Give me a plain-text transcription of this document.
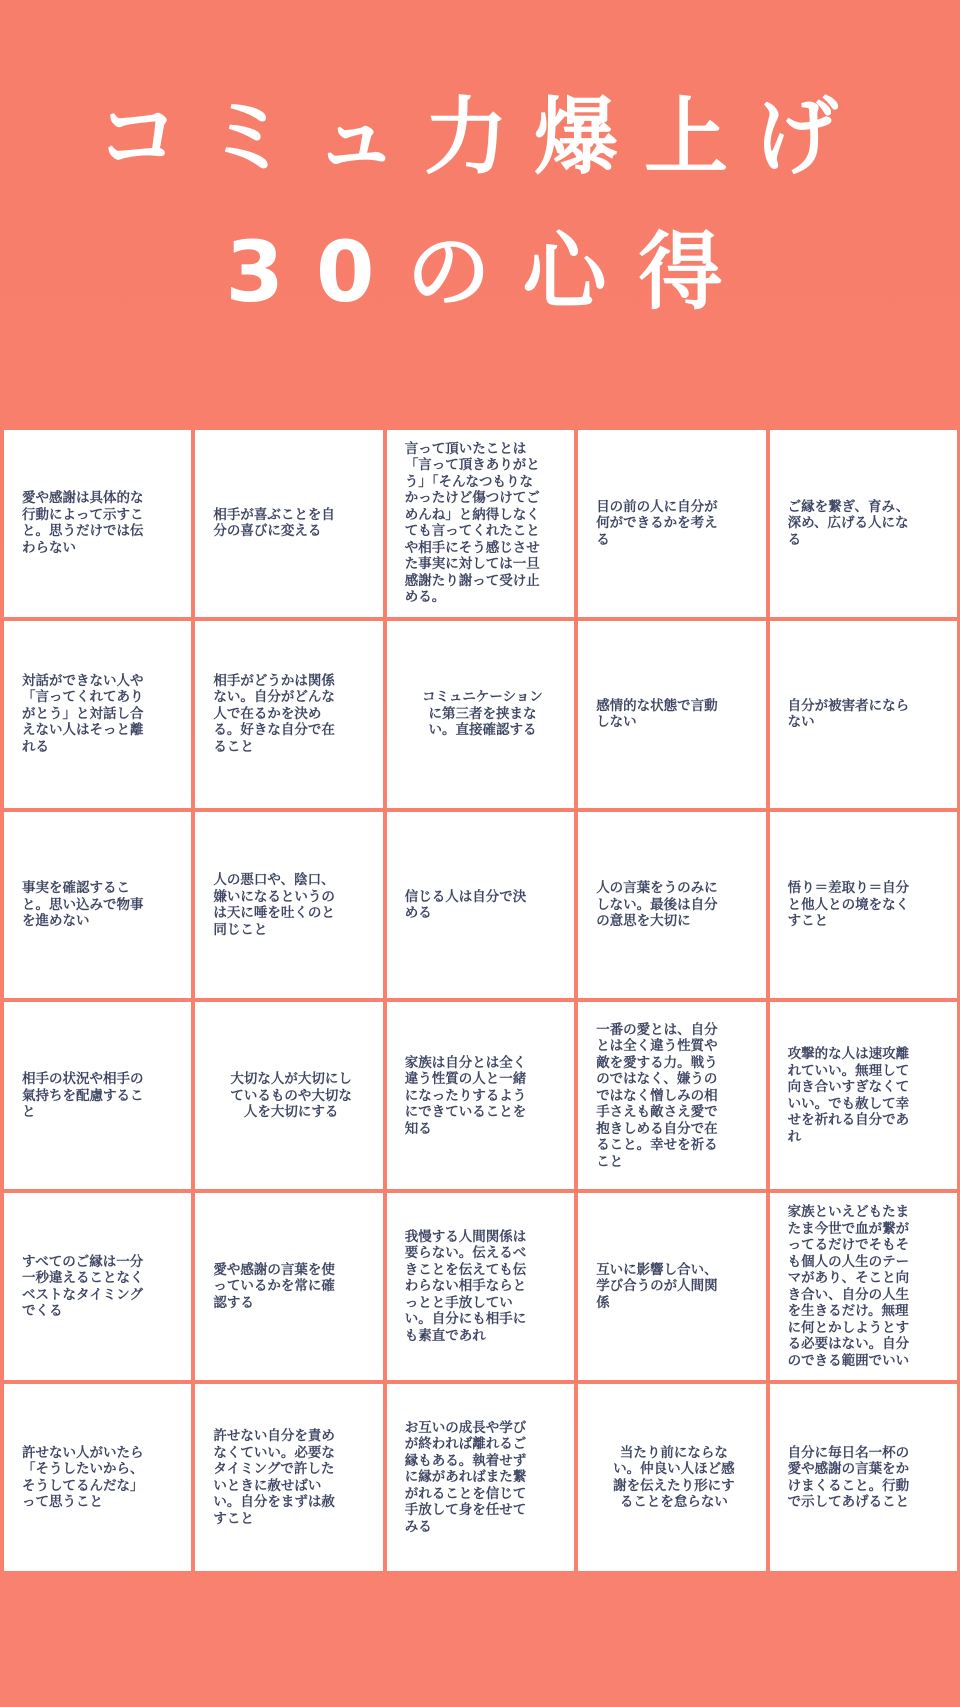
コミュ力爆上げ
30の心得
愛や感謝は具体的な
行動によって示すこ
と。思うだけでは伝
わらない
相手が喜ぶことを自
分の喜びに変える
言って頂いたことは
「言って頂きありがと
う」「そんなつもりな
かったけど傷つけてご
めんね」と納得しなく
ても言ってくれたこと
や相手にそう感じさせ
た事実に対しては一旦
感謝たり謝って受け止
める。
目の前の人に自分が
何ができるかを考え
る
ご縁を繋ぎ、育み、
深め、広げる人にな
る
対話ができない人や
「言ってくれてあり
がとう」と対話し合
えない人はそっと離
れる
相手がどうかは関係
ない。自分がどんな
人で在るかを決め
る。好きな自分で在
ること
コミュニケーション
に第三者を挟まな
い。直接確認する
感情的な状態で言動
しない
自分が被害者になら
ない
事実を確認するこ
と。思い込みで物事
を進めない
人の悪口や、陰口、
嫌いになるというの
は天に唾を吐くのと
同じこと
信じる人は自分で決
める
人の言葉をうのみに
しない。最後は自分
の意思を大切に
悟り＝差取り＝自分
と他人との境をなく
すこと
相手の状況や相手の
氣持ちを配慮するこ
と
大切な人が大切にし
ているものや大切な
人を大切にする
家族は自分とは全く
違う性質の人と一緒
になったりするよう
にできていることを
知る
一番の愛とは、自分
とは全く違う性質や
敵を愛する力。戦う
のではなく、嫌うの
ではなく憎しみの相
手さえも敵さえ愛で
抱きしめる自分で在
ること。幸せを祈る
こと
攻撃的な人は速攻離
れていい。無理して
向き合いすぎなくて
いい。でも赦して幸
せを祈れる自分であ
れ
すべてのご縁は一分
一秒違えることなく
ベストなタイミング
でくる
愛や感謝の言葉を使
っているかを常に確
認する
我慢する人間関係は
要らない。伝えるべ
きことを伝えても伝
わらない相手ならと
っとと手放してい
い。自分にも相手に
も素直であれ
互いに影響し合い、
学び合うのが人間関
係
家族といえどもたま
たま今世で血が繋が
ってるだけでそもそ
も個人の人生のテー
マがあり、そこと向
き合い、自分の人生
を生きるだけ。無理
に何とかしようとす
る必要はない。自分
のできる範囲でいい
許せない人がいたら
「そうしたいから、
そうしてるんだな」
って思うこと
許せない自分を責め
なくていい。必要な
タイミングで許した
いときに赦せばい
い。自分をまずは赦
すこと
お互いの成長や学び
が終われば離れるご
縁もある。執着せず
に縁があればまた繋
がれることを信じて
手放して身を任せて
みる
当たり前にならな
い。仲良い人ほど感
謝を伝えたり形にす
ることを怠らない
自分に毎日名一杯の
愛や感謝の言葉をか
けまくること。行動
で示してあげること
